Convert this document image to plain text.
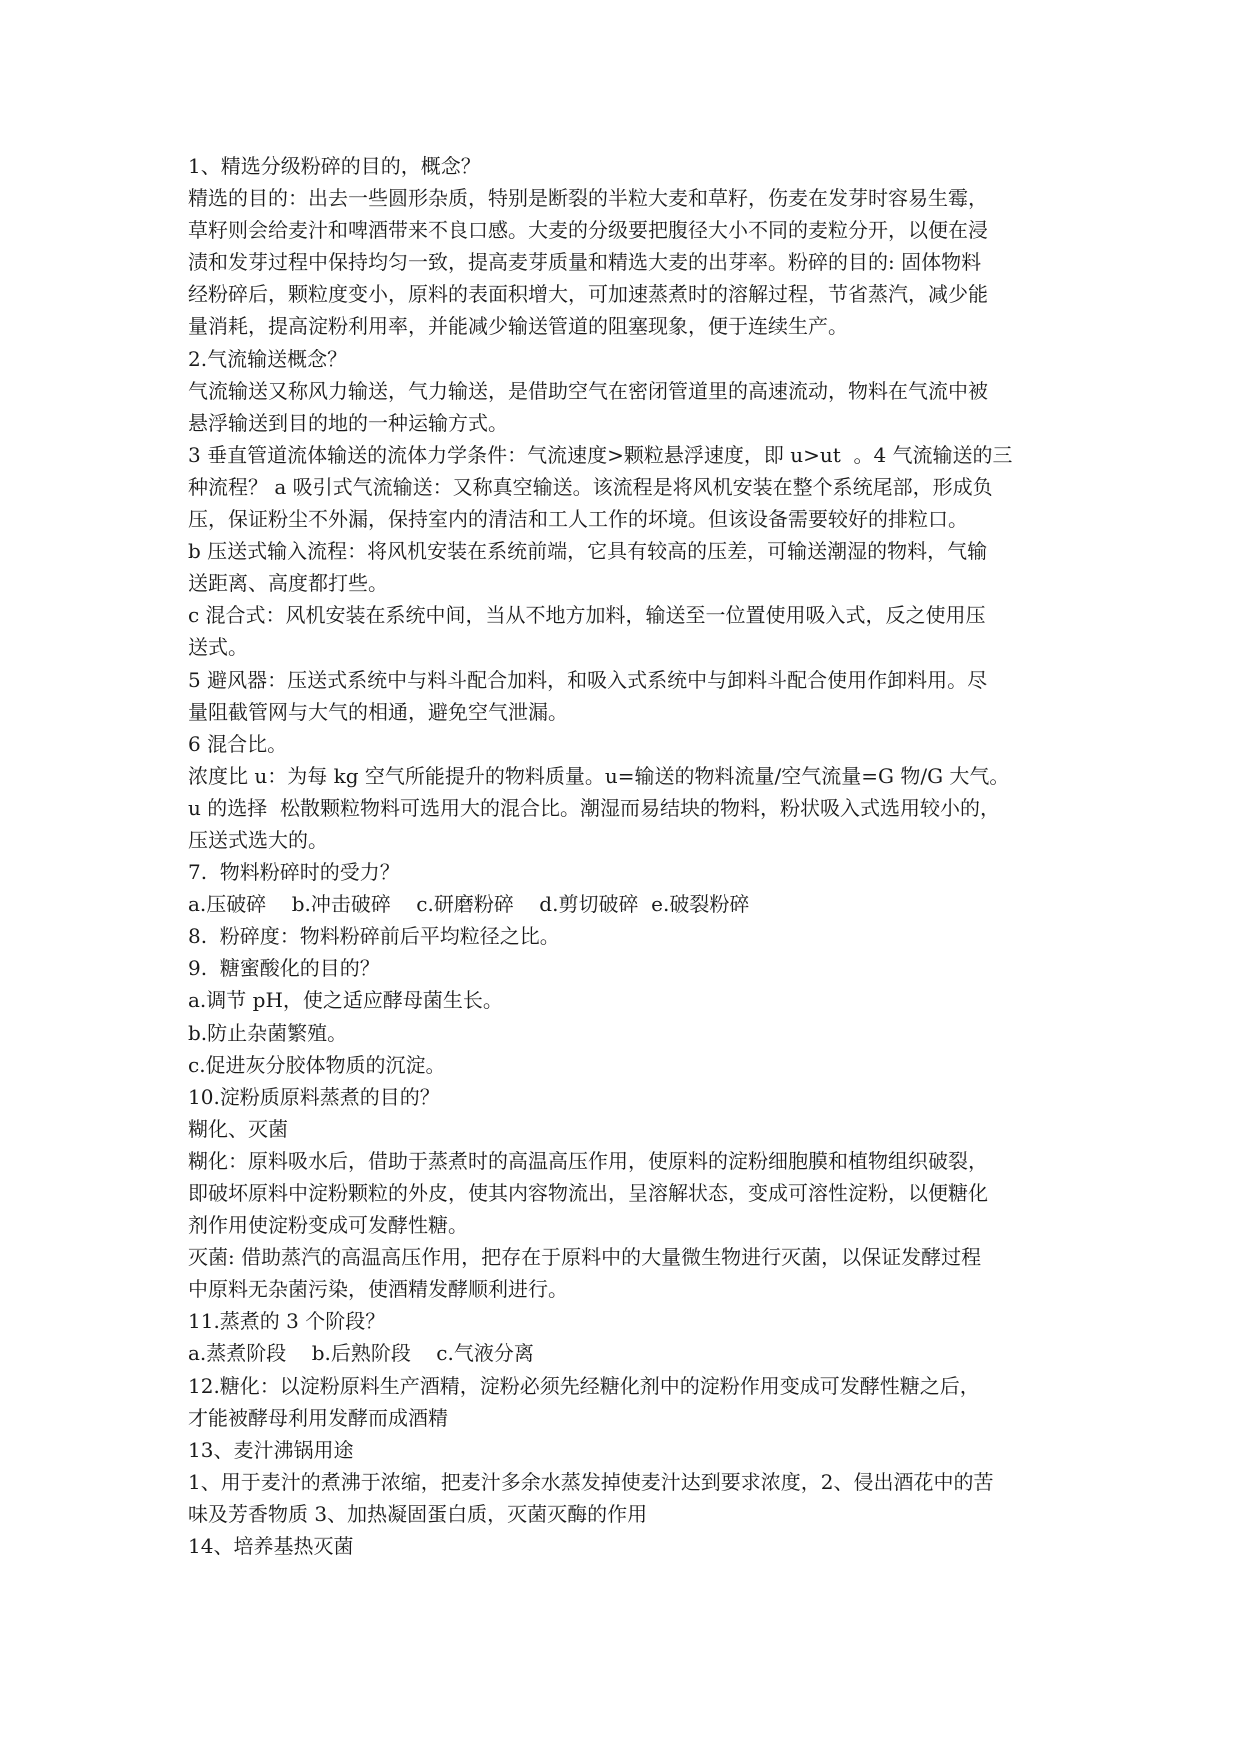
1、精选分级粉碎的目的，概念？
精选的目的：出去一些圆形杂质，特别是断裂的半粒大麦和草籽，伤麦在发芽时容易生霉，
草籽则会给麦汁和啤酒带来不良口感。大麦的分级要把腹径大小不同的麦粒分开，以便在浸
渍和发芽过程中保持均匀一致，提高麦芽质量和精选大麦的出芽率。粉碎的目的: 固体物料
经粉碎后，颗粒度变小，原料的表面积增大，可加速蒸煮时的溶解过程，节省蒸汽，减少能
量消耗，提高淀粉利用率，并能减少输送管道的阻塞现象，便于连续生产。
2.气流输送概念？
气流输送又称风力输送，气力输送，是借助空气在密闭管道里的高速流动，物料在气流中被
悬浮输送到目的地的一种运输方式。
3 垂直管道流体输送的流体力学条件：气流速度>颗粒悬浮速度，即 u>ut  。4 气流输送的三
种流程？ a 吸引式气流输送：又称真空输送。该流程是将风机安装在整个系统尾部，形成负
压，保证粉尘不外漏，保持室内的清洁和工人工作的坏境。但该设备需要较好的排粒口。
b 压送式输入流程：将风机安装在系统前端，它具有较高的压差，可输送潮湿的物料，气输
送距离、高度都打些。
c 混合式：风机安装在系统中间，当从不地方加料，输送至一位置使用吸入式，反之使用压
送式。
5 避风器：压送式系统中与料斗配合加料，和吸入式系统中与卸料斗配合使用作卸料用。尽
量阻截管网与大气的相通，避免空气泄漏。
6 混合比。
浓度比 u：为每 kg 空气所能提升的物料质量。u=输送的物料流量/空气流量=G 物/G 大气。
u 的选择  松散颗粒物料可选用大的混合比。潮湿而易结块的物料，粉状吸入式选用较小的，
压送式选大的。
7.  物料粉碎时的受力？
a.压破碎    b.冲击破碎    c.研磨粉碎    d.剪切破碎  e.破裂粉碎
8.  粉碎度：物料粉碎前后平均粒径之比。
9.  糖蜜酸化的目的？
a.调节 pH，使之适应酵母菌生长。
b.防止杂菌繁殖。
c.促进灰分胶体物质的沉淀。
10.淀粉质原料蒸煮的目的？
糊化、灭菌
糊化：原料吸水后，借助于蒸煮时的高温高压作用，使原料的淀粉细胞膜和植物组织破裂，
即破坏原料中淀粉颗粒的外皮，使其内容物流出，呈溶解状态，变成可溶性淀粉，以便糖化
剂作用使淀粉变成可发酵性糖。
灭菌: 借助蒸汽的高温高压作用，把存在于原料中的大量微生物进行灭菌，以保证发酵过程
中原料无杂菌污染，使酒精发酵顺利进行。
11.蒸煮的 3 个阶段？
a.蒸煮阶段    b.后熟阶段    c.气液分离
12.糖化：以淀粉原料生产酒精，淀粉必须先经糖化剂中的淀粉作用变成可发酵性糖之后，
才能被酵母利用发酵而成酒精
13、麦汁沸锅用途
1、用于麦汁的煮沸于浓缩，把麦汁多余水蒸发掉使麦汁达到要求浓度，2、侵出酒花中的苦
味及芳香物质 3、加热凝固蛋白质，灭菌灭酶的作用
14、培养基热灭菌
